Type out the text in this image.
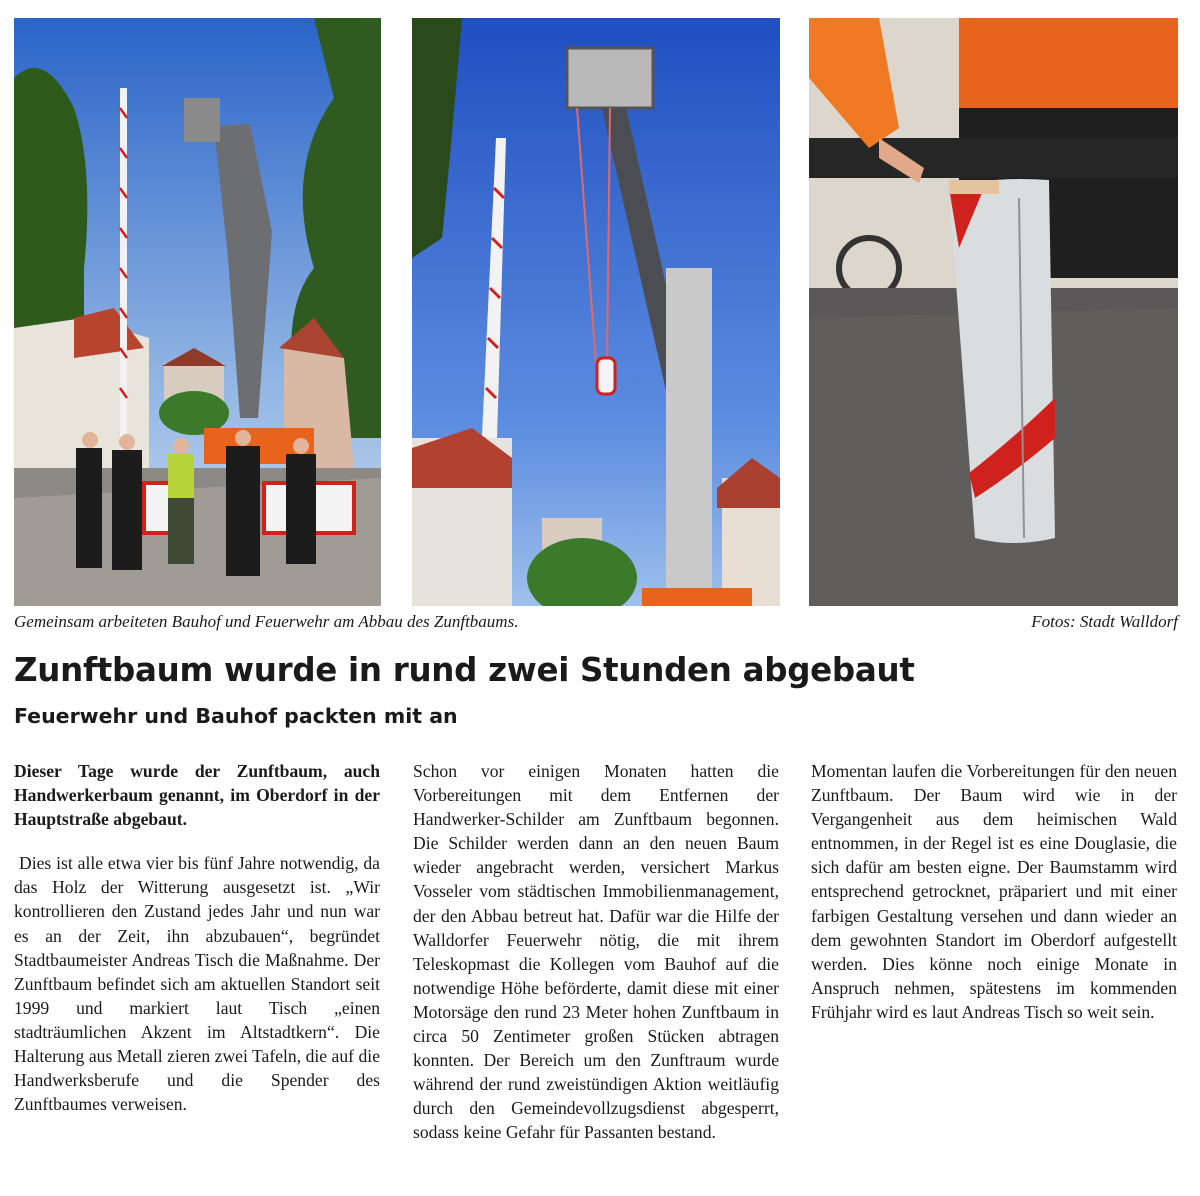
Gemeinsam arbeiteten Bauhof und Feuerwehr am Abbau des Zunftbaums.	Fotos: Stadt Walldorf
Zunftbaum wurde in rund zwei Stunden abgebaut
Feuerwehr und Bauhof packten mit an

Dieser Tage wurde der Zunftbaum, auch Handwerkerbaum genannt, im Oberdorf in der Hauptstraße abgebaut.

Dies ist alle etwa vier bis fünf Jahre notwendig, da das Holz der Witterung ausgesetzt ist. „Wir kontrollieren den Zustand jedes Jahr und nun war es an der Zeit, ihn abzubauen“, begründet Stadtbaumeister Andreas Tisch die Maßnahme. Der Zunftbaum befindet sich am aktuellen Standort seit 1999 und markiert laut Tisch „einen stadträumlichen Akzent im Altstadtkern“. Die Halterung aus Metall zieren zwei Tafeln, die auf die Handwerksberufe und die Spender des Zunftbaumes verweisen.

Schon vor einigen Monaten hatten die Vorbereitungen mit dem Entfernen der Handwerker-Schilder am Zunftbaum begonnen. Die Schilder werden dann an den neuen Baum wieder angebracht werden, versichert Markus Vosseler vom städtischen Immobilienmanagement, der den Abbau betreut hat. Dafür war die Hilfe der Walldorfer Feuerwehr nötig, die mit ihrem Teleskopmast die Kollegen vom Bauhof auf die notwendige Höhe beförderte, damit diese mit einer Motorsäge den rund 23 Meter hohen Zunftbaum in circa 50 Zentimeter großen Stücken abtragen konnten. Der Bereich um den Zunftraum wurde während der rund zweistündigen Aktion weitläufig durch den Gemeindevollzugsdienst abgesperrt, sodass keine Gefahr für Passanten bestand.

Momentan laufen die Vorbereitungen für den neuen Zunftbaum. Der Baum wird wie in der Vergangenheit aus dem heimischen Wald entnommen, in der Regel ist es eine Douglasie, die sich dafür am besten eigne. Der Baumstamm wird entsprechend getrocknet, präpariert und mit einer farbigen Gestaltung versehen und dann wieder an dem gewohnten Standort im Oberdorf aufgestellt werden. Dies könne noch einige Monate in Anspruch nehmen, spätestens im kommenden Frühjahr wird es laut Andreas Tisch so weit sein.
